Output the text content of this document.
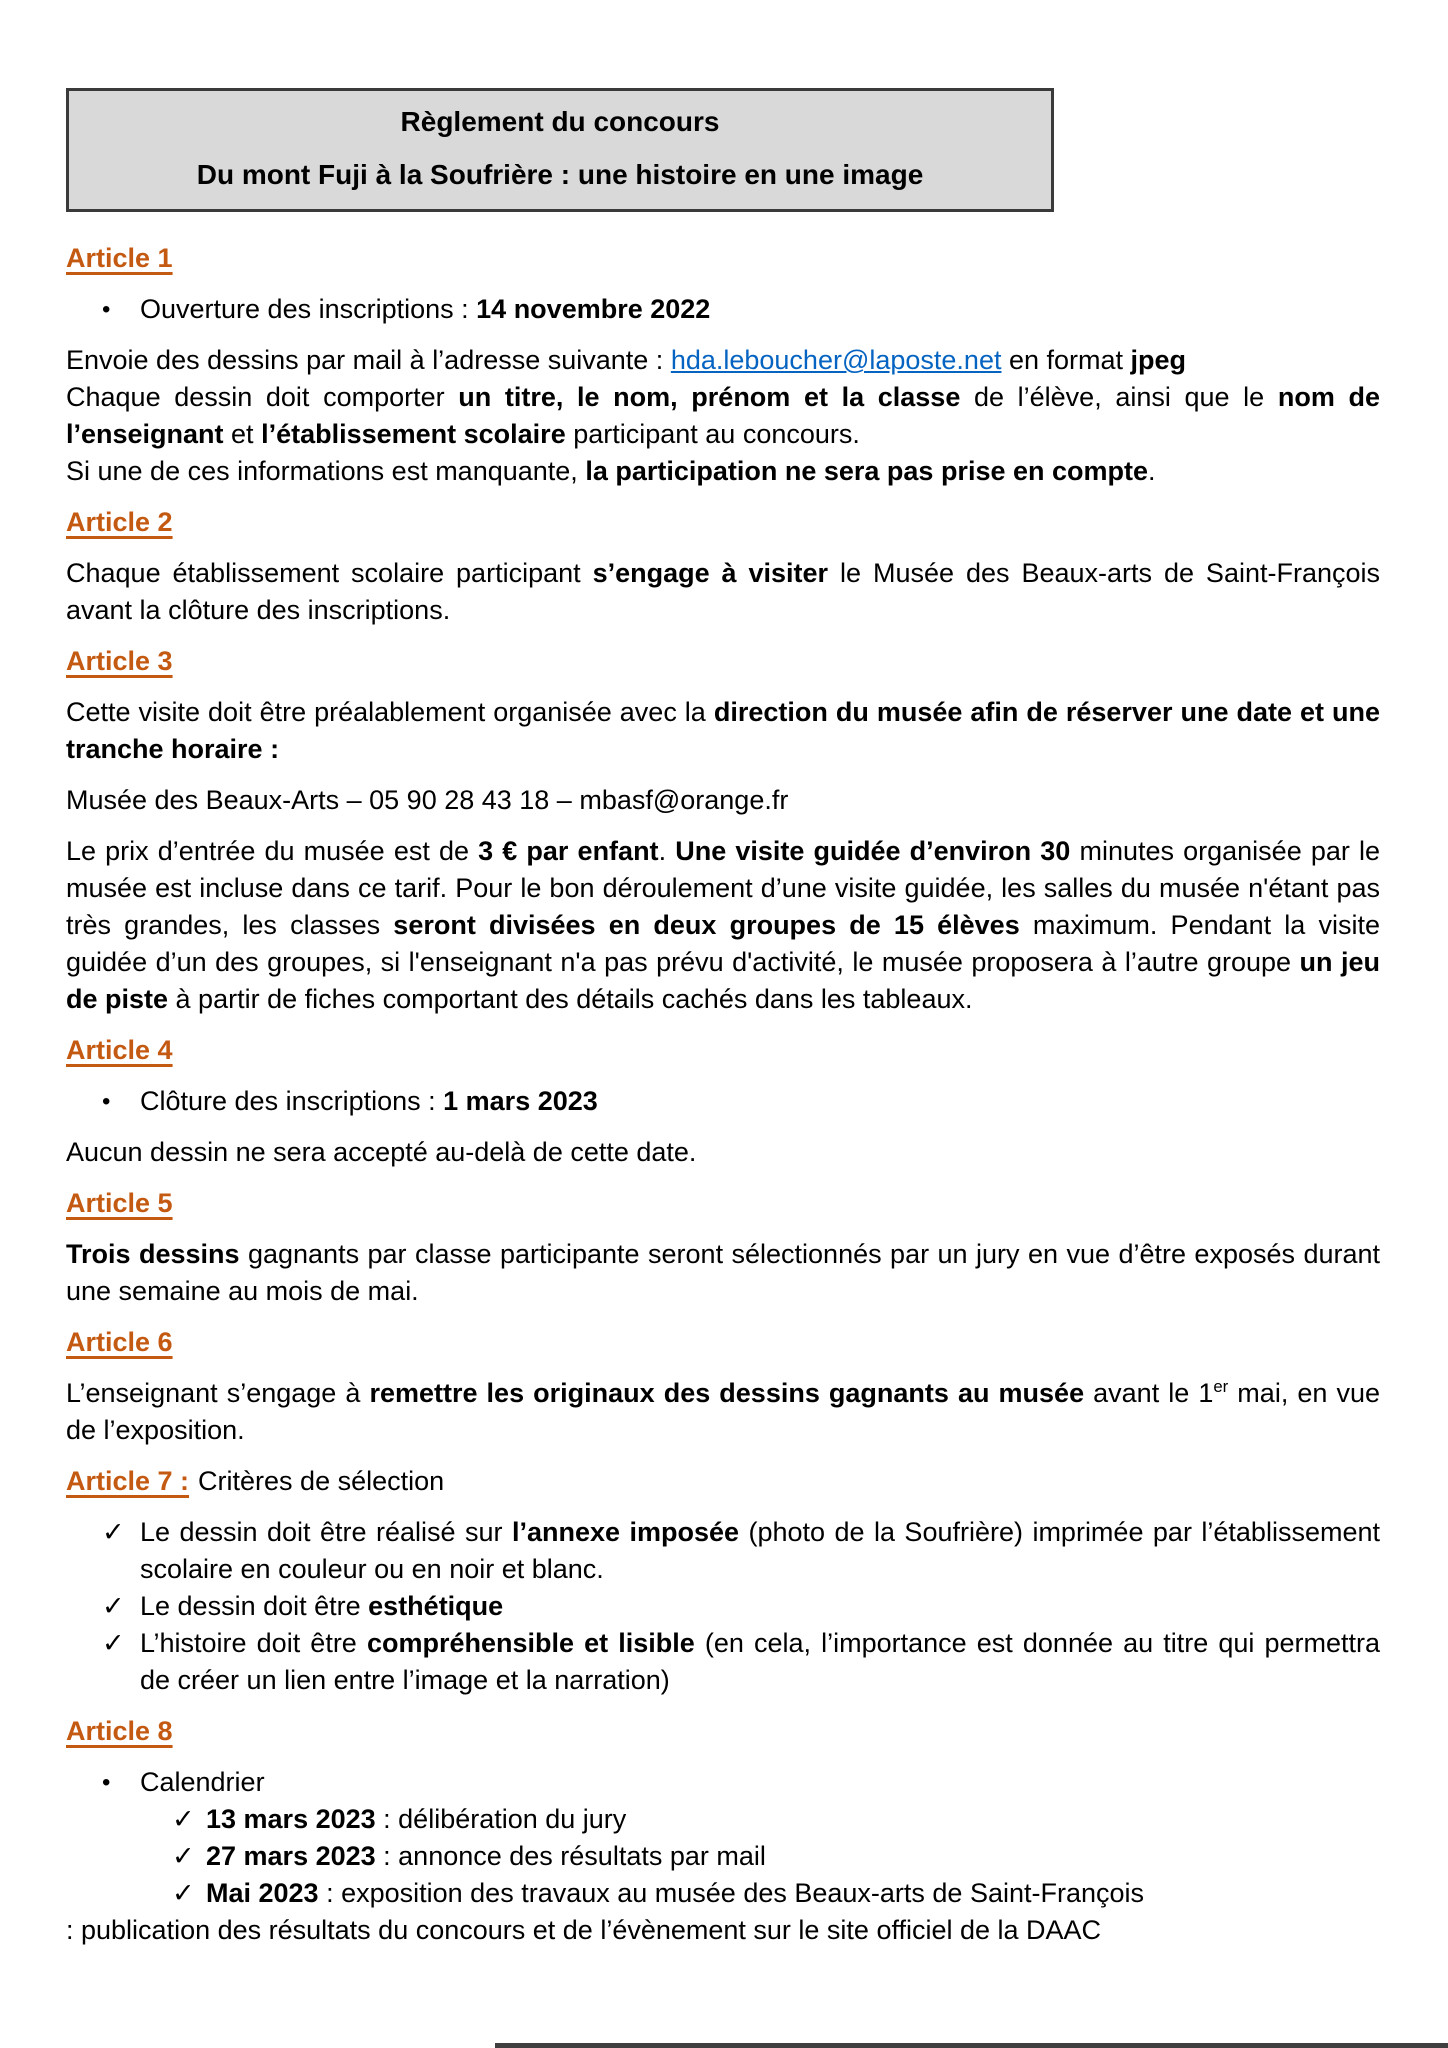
Règlement du concours
Du mont Fuji à la Soufrière : une histoire en une image

Article 1

•	Ouverture des inscriptions : 14 novembre 2022

Envoie des dessins par mail à l’adresse suivante : hda.leboucher@laposte.net en format jpeg

Chaque dessin doit comporter un titre, le nom, prénom et la classe de l’élève, ainsi que le nom de l’enseignant et l’établissement scolaire participant au concours.

Si une de ces informations est manquante, la participation ne sera pas prise en compte.

Article 2

Chaque établissement scolaire participant s’engage à visiter le Musée des Beaux-arts de Saint-François avant la clôture des inscriptions.

Article 3

Cette visite doit être préalablement organisée avec la direction du musée afin de réserver une date et une tranche horaire :

Musée des Beaux-Arts – 05 90 28 43 18 – mbasf@orange.fr

Le prix d’entrée du musée est de 3 € par enfant. Une visite guidée d’environ 30 minutes organisée par le musée est incluse dans ce tarif. Pour le bon déroulement d’une visite guidée, les salles du musée n'étant pas très grandes, les classes seront divisées en deux groupes de 15 élèves maximum. Pendant la visite guidée d’un des groupes, si l'enseignant n'a pas prévu d'activité, le musée proposera à l’autre groupe un jeu de piste à partir de fiches comportant des détails cachés dans les tableaux.

Article 4

•	Clôture des inscriptions : 1 mars 2023

Aucun dessin ne sera accepté au-delà de cette date.

Article 5

Trois dessins gagnants par classe participante seront sélectionnés par un jury en vue d’être exposés durant une semaine au mois de mai.

Article 6

L’enseignant s’engage à remettre les originaux des dessins gagnants au musée avant le 1er mai, en vue de l’exposition.

Article 7 : Critères de sélection

✓ Le dessin doit être réalisé sur l’annexe imposée (photo de la Soufrière) imprimée par l’établissement scolaire en couleur ou en noir et blanc.
✓ Le dessin doit être esthétique
✓ L’histoire doit être compréhensible et lisible (en cela, l’importance est donnée au titre qui permettra de créer un lien entre l’image et la narration)

Article 8

•	Calendrier
✓ 13 mars 2023 : délibération du jury
✓ 27 mars 2023 : annonce des résultats par mail
✓ Mai 2023 : exposition des travaux au musée des Beaux-arts de Saint-François

: publication des résultats du concours et de l’évènement sur le site officiel de la DAAC
